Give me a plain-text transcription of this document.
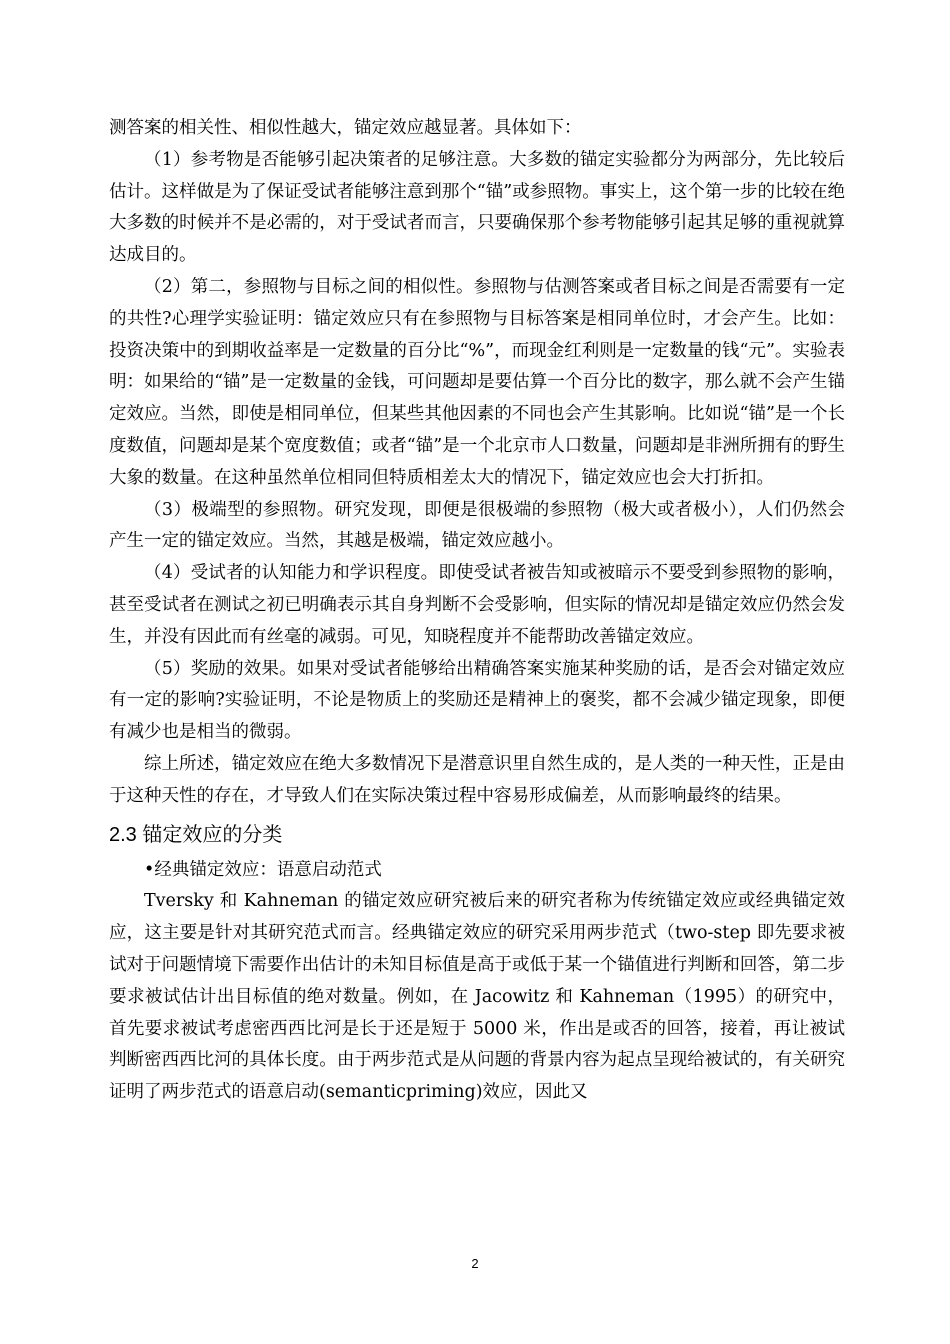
测答案的相关性、相似性越大，锚定效应越显著。具体如下：

（1）参考物是否能够引起决策者的足够注意。大多数的锚定实验都分为两部分，先比较后估计。这样做是为了保证受试者能够注意到那个“锚”或参照物。事实上，这个第一步的比较在绝大多数的时候并不是必需的，对于受试者而言，只要确保那个参考物能够引起其足够的重视就算达成目的。

（2）第二，参照物与目标之间的相似性。参照物与估测答案或者目标之间是否需要有一定的共性?心理学实验证明：锚定效应只有在参照物与目标答案是相同单位时，才会产生。比如：投资决策中的到期收益率是一定数量的百分比“%”，而现金红利则是一定数量的钱“元”。实验表明：如果给的“锚”是一定数量的金钱，可问题却是要估算一个百分比的数字，那么就不会产生锚定效应。当然，即使是相同单位，但某些其他因素的不同也会产生其影响。比如说“锚”是一个长度数值，问题却是某个宽度数值；或者“锚”是一个北京市人口数量，问题却是非洲所拥有的野生大象的数量。在这种虽然单位相同但特质相差太大的情况下，锚定效应也会大打折扣。

（3）极端型的参照物。研究发现，即便是很极端的参照物（极大或者极小），人们仍然会产生一定的锚定效应。当然，其越是极端，锚定效应越小。

（4）受试者的认知能力和学识程度。即使受试者被告知或被暗示不要受到参照物的影响，甚至受试者在测试之初已明确表示其自身判断不会受影响，但实际的情况却是锚定效应仍然会发生，并没有因此而有丝毫的减弱。可见，知晓程度并不能帮助改善锚定效应。

（5）奖励的效果。如果对受试者能够给出精确答案实施某种奖励的话，是否会对锚定效应有一定的影响?实验证明，不论是物质上的奖励还是精神上的褒奖，都不会减少锚定现象，即便有减少也是相当的微弱。

综上所述，锚定效应在绝大多数情况下是潜意识里自然生成的，是人类的一种天性，正是由于这种天性的存在，才导致人们在实际决策过程中容易形成偏差，从而影响最终的结果。

2.3 锚定效应的分类

•经典锚定效应：语意启动范式

Tversky 和 Kahneman 的锚定效应研究被后来的研究者称为传统锚定效应或经典锚定效应，这主要是针对其研究范式而言。经典锚定效应的研究采用两步范式（two-step 即先要求被试对于问题情境下需要作出估计的未知目标值是高于或低于某一个锚值进行判断和回答，第二步要求被试估计出目标值的绝对数量。例如，在 Jacowitz 和 Kahneman（1995）的研究中，首先要求被试考虑密西西比河是长于还是短于 5000 米，作出是或否的回答，接着，再让被试判断密西西比河的具体长度。由于两步范式是从问题的背景内容为起点呈现给被试的，有关研究证明了两步范式的语意启动(semanticpriming)效应，因此又

2
